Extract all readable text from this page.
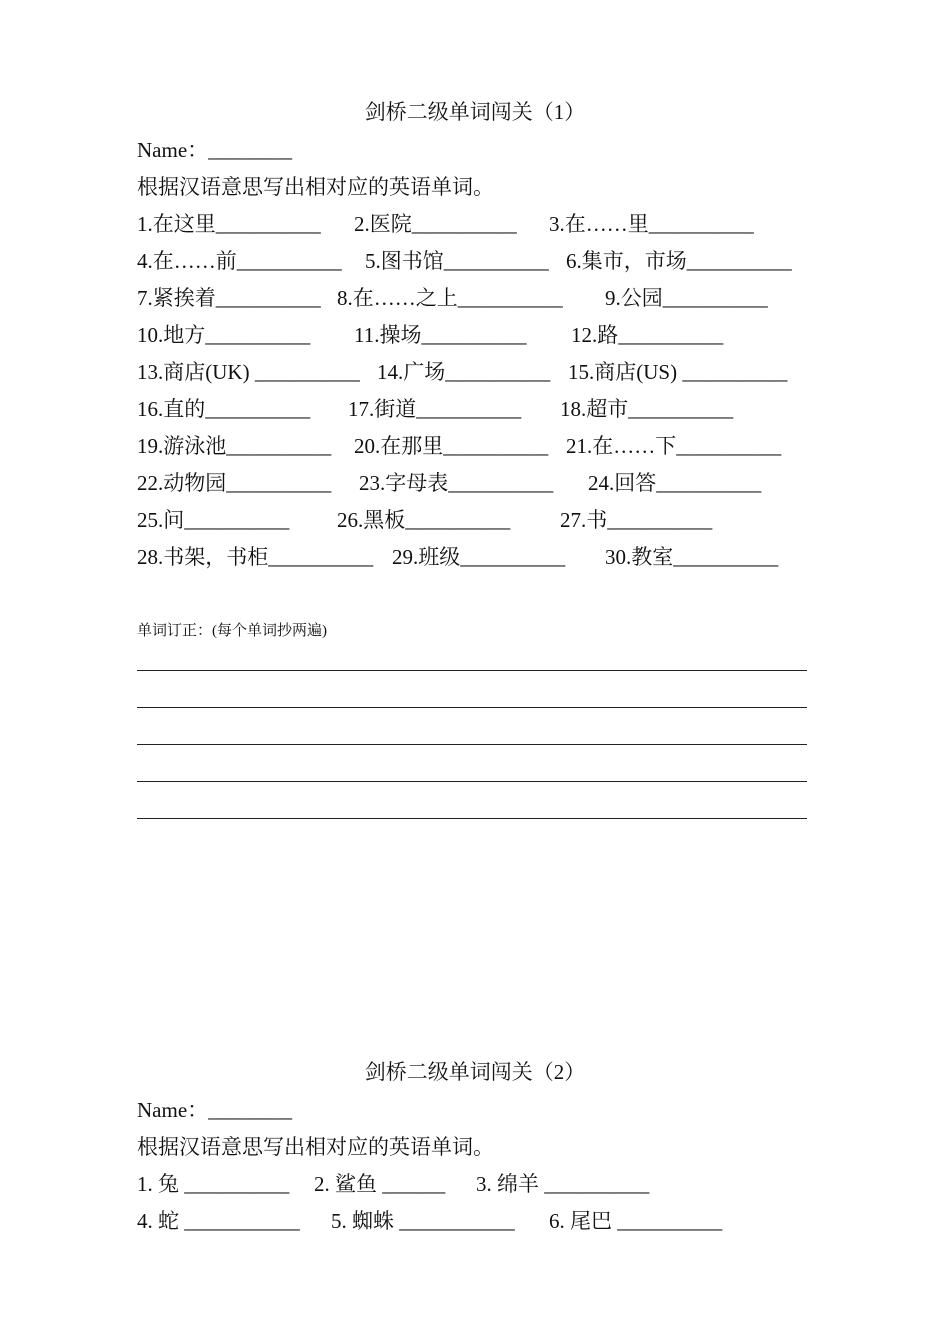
剑桥二级单词闯关（1）
Name：________
根据汉语意思写出相对应的英语单词。
1.在这里__________ 2.医院__________ 3.在……里__________
4.在……前__________ 5.图书馆__________ 6.集市，市场__________
7.紧挨着__________ 8.在……之上__________ 9.公园__________
10.地方__________ 11.操场__________ 12.路__________
13.商店(UK) __________ 14.广场__________ 15.商店(US) __________
16.直的__________ 17.街道__________ 18.超市__________
19.游泳池__________ 20.在那里__________ 21.在……下__________
22.动物园__________ 23.字母表__________ 24.回答__________
25.问__________ 26.黑板__________ 27.书__________
28.书架，书柜__________ 29.班级__________ 30.教室__________
单词订正：(每个单词抄两遍)
剑桥二级单词闯关（2）
Name：________
根据汉语意思写出相对应的英语单词。
1. 兔 __________ 2. 鲨鱼 ______ 3. 绵羊 __________
4. 蛇 ___________ 5. 蜘蛛 ___________ 6. 尾巴 __________
